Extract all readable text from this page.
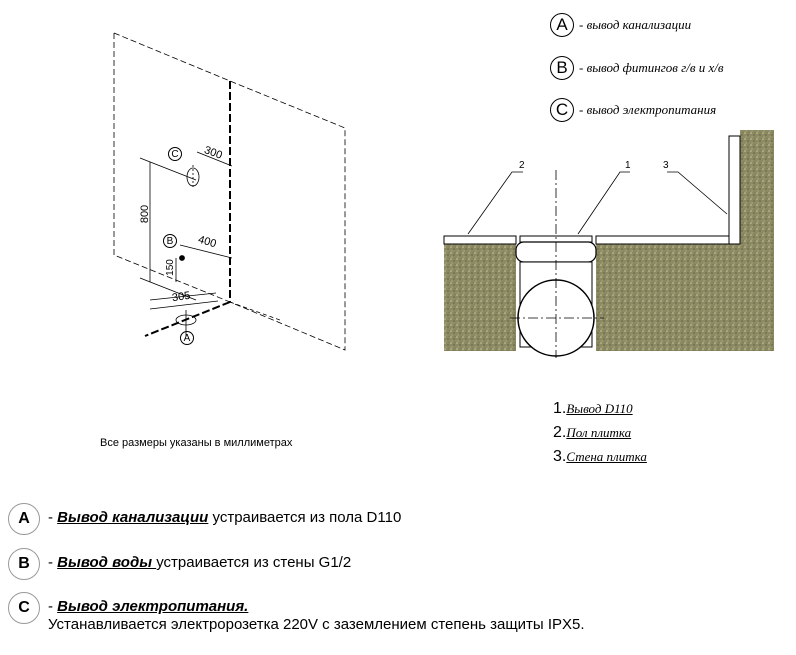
300
800
400
150
305
C
B
A
2	1	3
A - вывод канализации
B - вывод фитингов г/в и х/в
C - вывод электропитания
1.Вывод D110
2.Пол плитка
3.Стена плитка
Все размеры указаны в миллиметрах
A	- Вывод канализации устраивается из пола D110
B	- Вывод воды устраивается из стены G1/2
C	- Вывод электропитания.
Устанавливается электророзетка 220V с заземлением степень защиты IPX5.
